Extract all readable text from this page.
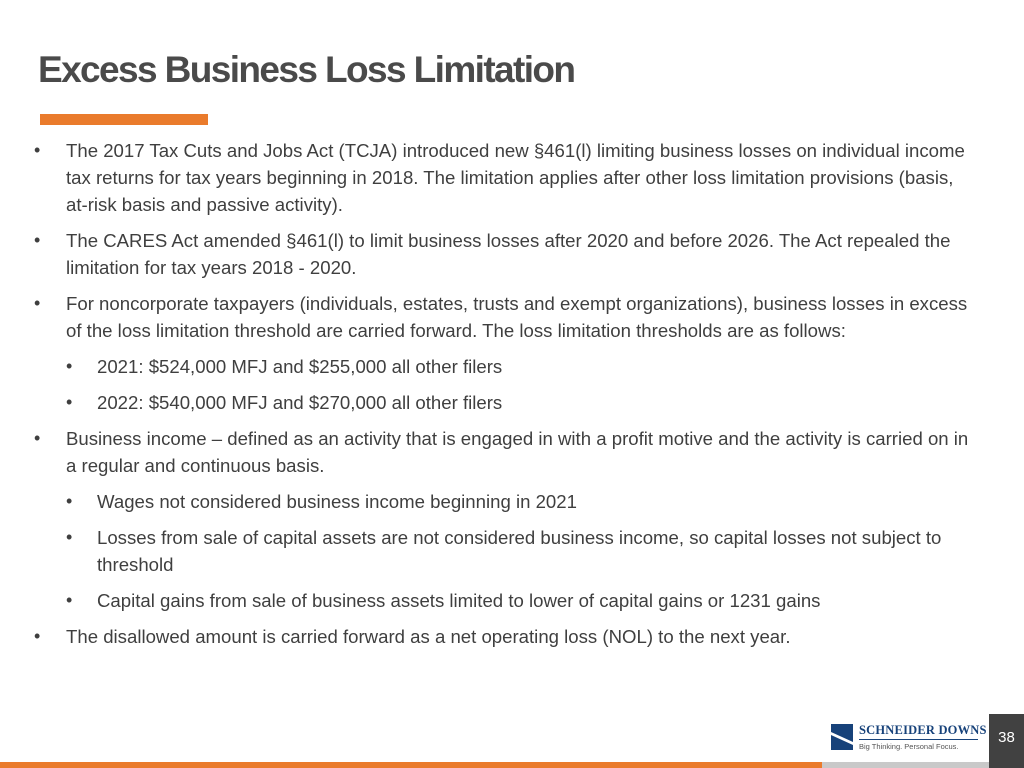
Excess Business Loss Limitation
• The 2017 Tax Cuts and Jobs Act (TCJA) introduced new §461(l) limiting business losses on individual income tax returns for tax years beginning in 2018. The limitation applies after other loss limitation provisions (basis, at-risk basis and passive activity).
• The CARES Act amended §461(l) to limit business losses after 2020 and before 2026. The Act repealed the limitation for tax years 2018 - 2020.
• For noncorporate taxpayers (individuals, estates, trusts and exempt organizations), business losses in excess of the loss limitation threshold are carried forward. The loss limitation thresholds are as follows:
• 2021: $524,000 MFJ and $255,000 all other filers
• 2022: $540,000 MFJ and $270,000 all other filers
• Business income – defined as an activity that is engaged in with a profit motive and the activity is carried on in a regular and continuous basis.
• Wages not considered business income beginning in 2021
• Losses from sale of capital assets are not considered business income, so capital losses not subject to threshold
• Capital gains from sale of business assets limited to lower of capital gains or 1231 gains
• The disallowed amount is carried forward as a net operating loss (NOL) to the next year.
SCHNEIDER DOWNS
Big Thinking. Personal Focus.
38
